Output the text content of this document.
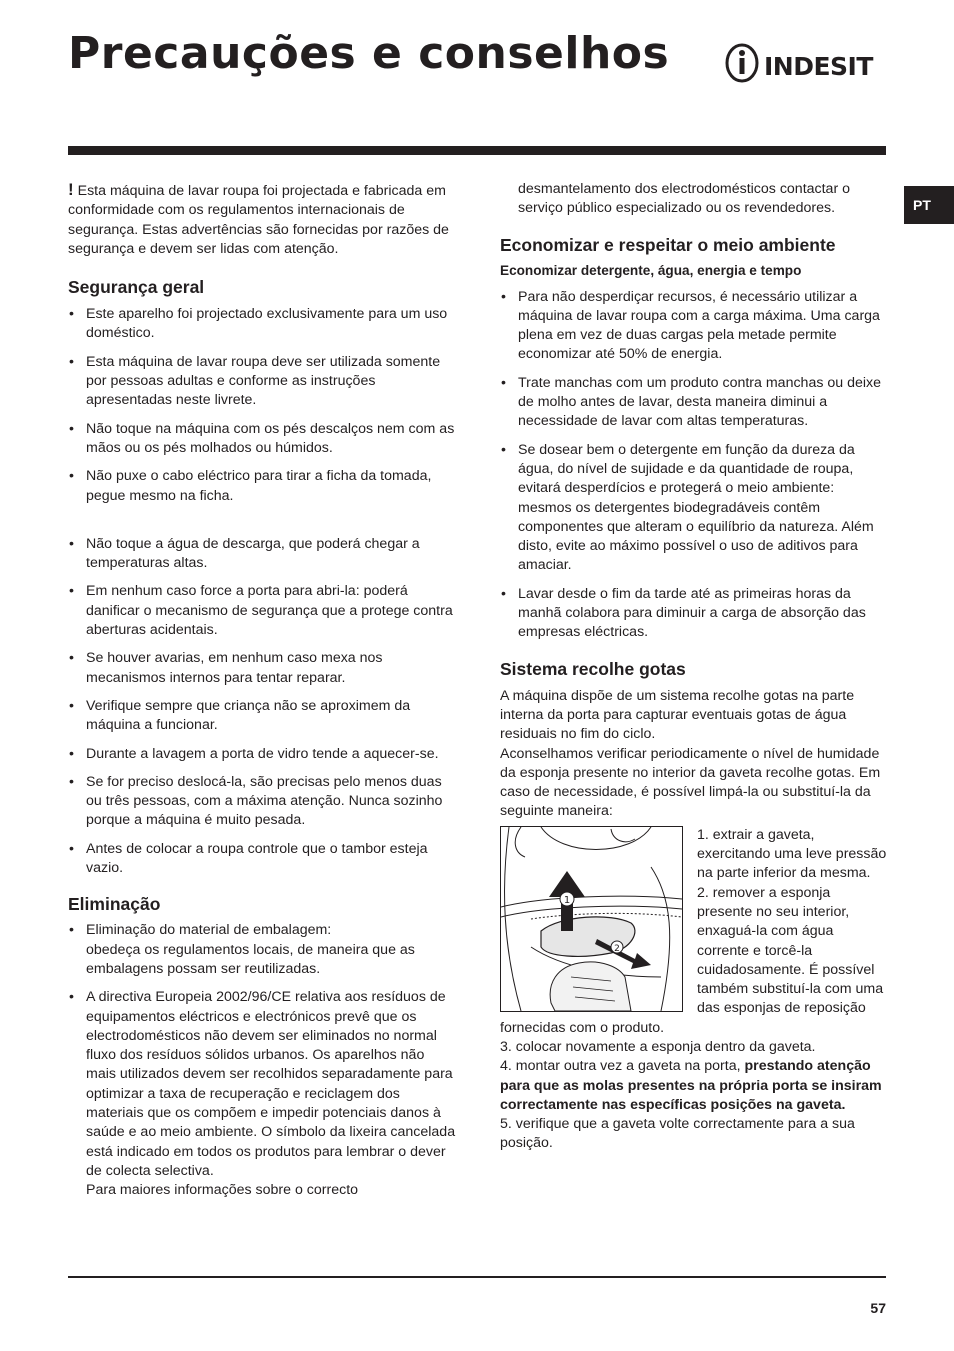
Precauções e conselhos	INDESIT
PT

! Esta máquina de lavar roupa foi projectada e fabricada em conformidade com os regulamentos internacionais de segurança. Estas advertências são fornecidas por razões de segurança e devem ser lidas com atenção.

Segurança geral
• Este aparelho foi projectado exclusivamente para um uso doméstico.
• Esta máquina de lavar roupa deve ser utilizada somente por pessoas adultas e conforme as instruções apresentadas neste livrete.
• Não toque na máquina com os pés descalços nem com as mãos ou os pés molhados ou húmidos.
• Não puxe o cabo eléctrico para tirar a ficha da tomada, pegue mesmo na ficha.
• Não toque a água de descarga, que poderá chegar a temperaturas altas.
• Em nenhum caso force a porta para abri-la: poderá danificar o mecanismo de segurança que a protege contra aberturas acidentais.
• Se houver avarias, em nenhum caso mexa nos mecanismos internos para tentar reparar.
• Verifique sempre que criança não se aproximem da máquina a funcionar.
• Durante a lavagem a porta de vidro tende a aquecer-se.
• Se for preciso deslocá-la, são precisas pelo menos duas ou três pessoas, com a máxima atenção. Nunca sozinho porque a máquina é muito pesada.
• Antes de colocar a roupa controle que o tambor esteja vazio.
Eliminação
• Eliminação do material de embalagem:
obedeça os regulamentos locais, de maneira que as embalagens possam ser reutilizadas.
• A directiva Europeia 2002/96/CE relativa aos resíduos de equipamentos eléctricos e electrónicos prevê que os electrodomésticos não devem ser eliminados no normal fluxo dos resíduos sólidos urbanos. Os aparelhos não mais utilizados devem ser recolhidos separadamente para optimizar a taxa de recuperação e reciclagem dos materiais que os compõem e impedir potenciais danos à saúde e ao meio ambiente. O símbolo da lixeira cancelada está indicado em todos os produtos para lembrar o dever de colecta selectiva.
Para maiores informações sobre o correcto

desmantelamento dos electrodomésticos contactar o serviço público especializado ou os revendedores.

Economizar e respeitar o meio ambiente
Economizar detergente, água, energia e tempo
• Para não desperdiçar recursos, é necessário utilizar a máquina de lavar roupa com a carga máxima. Uma carga plena em vez de duas cargas pela metade permite economizar até 50% de energia.
• Trate manchas com um produto contra manchas ou deixe de molho antes de lavar, desta maneira diminui a necessidade de lavar com altas temperaturas.
• Se dosear bem o detergente em função da dureza da água, do nível de sujidade e da quantidade de roupa, evitará desperdícios e protegerá o meio ambiente: mesmos os detergentes biodegradáveis contêm componentes que alteram o equilíbrio da natureza. Além disto, evite ao máximo possível o uso de aditivos para amaciar.
• Lavar desde o fim da tarde até as primeiras horas da manhã colabora para diminuir a carga de absorção das empresas eléctricas.
Sistema recolhe gotas

A máquina dispõe de um sistema recolhe gotas na parte interna da porta para capturar eventuais gotas de água residuais no fim do ciclo.

Aconselhamos verificar periodicamente o nível de humidade da esponja presente no interior da gaveta recolhe gotas. Em caso de necessidade, é possível limpá-la ou substituí-la da seguinte maneira:

1
2

1. extrair a gaveta, exercitando uma leve pressão na parte inferior da mesma.

2. remover a esponja presente no seu interior, enxaguá-la com água corrente e torcê-la cuidadosamente. É possível também substituí-la com uma das esponjas de reposição fornecidas com o produto.

3. colocar novamente a esponja dentro da gaveta.

4. montar outra vez a gaveta na porta, prestando atenção para que as molas presentes na própria porta se insiram correctamente nas específicas posições na gaveta.

5. verifique que a gaveta volte correctamente para a sua posição.

57
